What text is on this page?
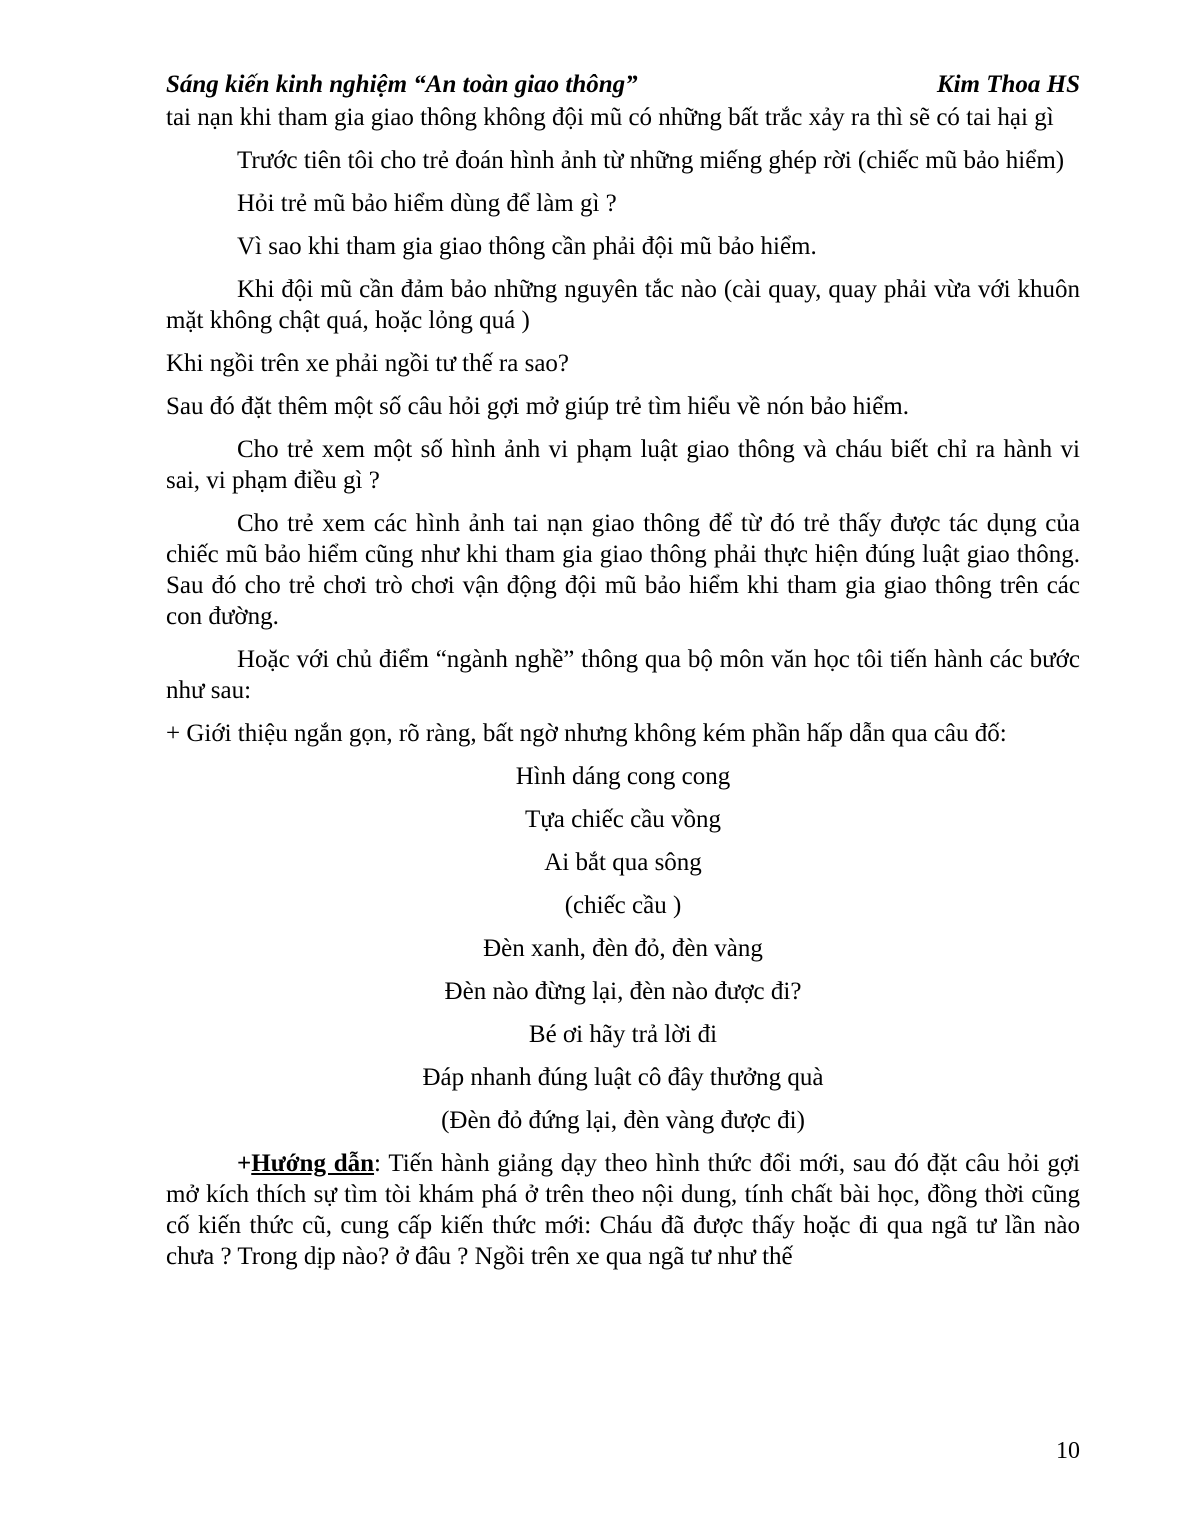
Sáng kiến kinh nghiệm “An toàn giao thông”	Kim Thoa HS

tai nạn khi tham gia giao thông không đội mũ có những bất trắc xảy ra thì sẽ có tai hại gì

Trước tiên tôi cho trẻ đoán hình ảnh từ những miếng ghép rời (chiếc mũ bảo hiểm)

Hỏi trẻ mũ bảo hiểm dùng để làm gì ?

Vì sao khi tham gia giao thông cần phải đội mũ bảo hiểm.

Khi đội mũ cần đảm bảo những nguyên tắc nào (cài quay, quay phải vừa với khuôn mặt không chật quá, hoặc lỏng quá )

Khi ngồi trên xe phải ngồi tư thế ra sao?

Sau đó đặt thêm một số câu hỏi gợi mở giúp trẻ tìm hiểu về nón bảo hiểm.

Cho trẻ xem một số hình ảnh vi phạm luật giao thông và cháu biết chỉ ra hành vi sai, vi phạm điều gì ?

Cho trẻ xem các hình ảnh tai nạn giao thông để từ đó trẻ thấy được tác dụng của chiếc mũ bảo hiểm cũng như khi tham gia giao thông phải thực hiện đúng luật giao thông. Sau đó cho trẻ chơi trò chơi vận động đội mũ bảo hiểm khi tham gia giao thông trên các con đường.

Hoặc với chủ điểm “ngành nghề” thông qua bộ môn văn học tôi tiến hành các bước như sau:

+ Giới thiệu ngắn gọn, rõ ràng, bất ngờ nhưng không kém phần hấp dẫn qua câu đố:

Hình dáng cong cong

Tựa chiếc cầu vồng

Ai bắt qua sông

(chiếc cầu )

Đèn xanh, đèn đỏ, đèn vàng

Đèn nào đừng lại, đèn nào được đi?

Bé ơi hãy trả lời đi

Đáp nhanh đúng luật cô đây thưởng quà

(Đèn đỏ đứng lại, đèn vàng được đi)

+Hướng dẫn: Tiến hành giảng dạy theo hình thức đổi mới, sau đó đặt câu hỏi gợi mở kích thích sự tìm tòi khám phá ở trên theo nội dung, tính chất bài học, đồng thời cũng cố kiến thức cũ, cung cấp kiến thức mới: Cháu đã được thấy hoặc đi qua ngã tư lần nào chưa ? Trong dịp nào? ở đâu ? Ngồi trên xe qua ngã tư như thế

10
